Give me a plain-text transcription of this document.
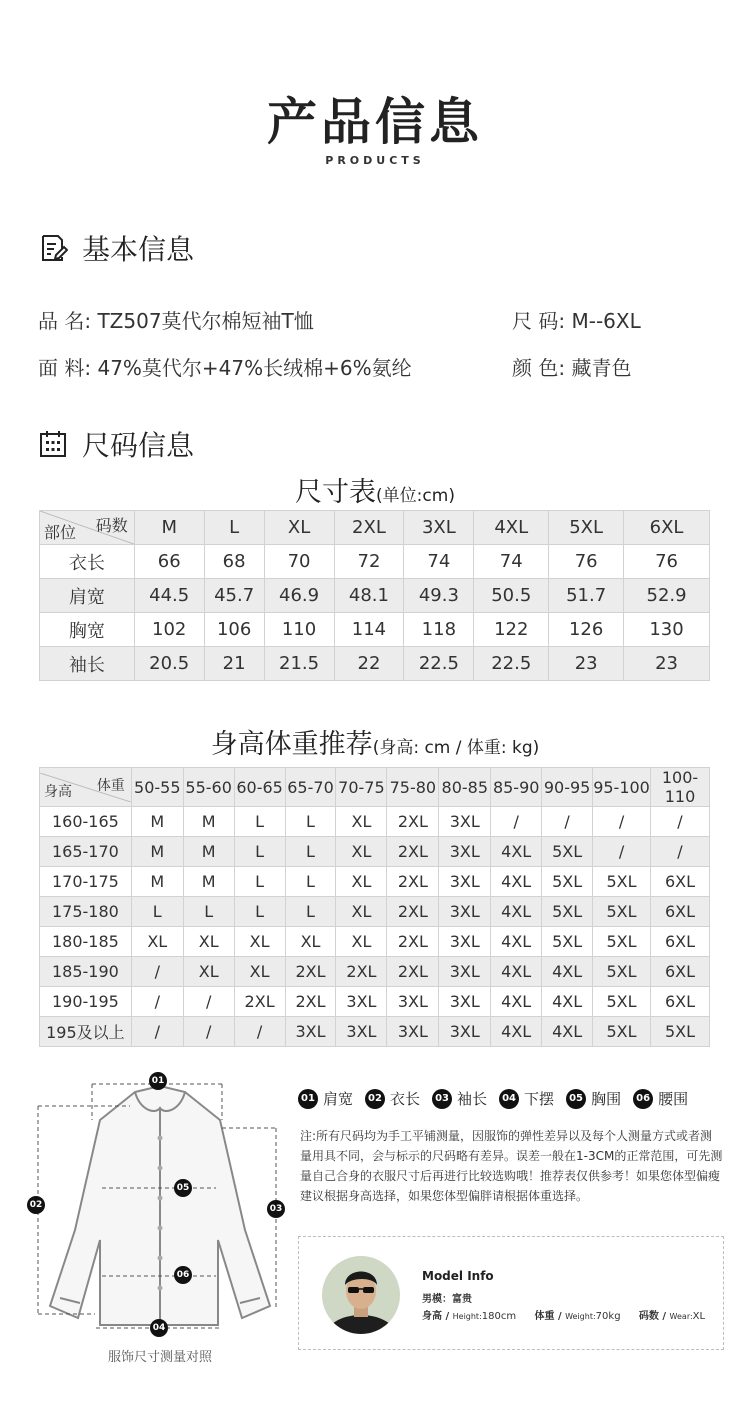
产品信息
PRODUCTS
基本信息
品 名: TZ507莫代尔棉短袖T恤	尺 码: M--6XL
面 料: 47%莫代尔+47%长绒棉+6%氨纶	颜 色: 藏青色
尺码信息
尺寸表(单位:cm)
码数
部位	M	L	XL	2XL	3XL	4XL	5XL	6XL
衣长	66	68	70	72	74	74	76	76
肩宽	44.5	45.7	46.9	48.1	49.3	50.5	51.7	52.9
胸宽	102	106	110	114	118	122	126	130
袖长	20.5	21	21.5	22	22.5	22.5	23	23
身高体重推荐(身高: cm / 体重: kg)
体重
身高	50-55	55-60	60-65	65-70	70-75	75-80	80-85	85-90	90-95	95-100	100-110
160-165	M	M	L	L	XL	2XL	3XL	/	/	/	/
165-170	M	M	L	L	XL	2XL	3XL	4XL	5XL	/	/
170-175	M	M	L	L	XL	2XL	3XL	4XL	5XL	5XL	6XL
175-180	L	L	L	L	XL	2XL	3XL	4XL	5XL	5XL	6XL
180-185	XL	XL	XL	XL	XL	2XL	3XL	4XL	5XL	5XL	6XL
185-190	/	XL	XL	2XL	2XL	2XL	3XL	4XL	4XL	5XL	6XL
190-195	/	/	2XL	2XL	3XL	3XL	3XL	4XL	4XL	5XL	6XL
195及以上	/	/	/	3XL	3XL	3XL	3XL	4XL	4XL	5XL	5XL
01
02	03
04
05
06
服饰尺寸测量对照
01 肩宽	02 衣长	03 袖长	04 下摆	05 胸围	06 腰围
注:所有尺码均为手工平铺测量，因服饰的弹性差异以及每个人测量方式或者测量用具不同，会与标示的尺码略有差异。误差一般在1-3CM的正常范围，可先测量自己合身的衣服尺寸后再进行比较选购哦！推荐表仅供参考！如果您体型偏瘦建议根据身高选择，如果您体型偏胖请根据体重选择。
Model Info
男模：富贵
身高 / Height:180cm 体重 / Weight:70kg 码数 / Wear:XL
